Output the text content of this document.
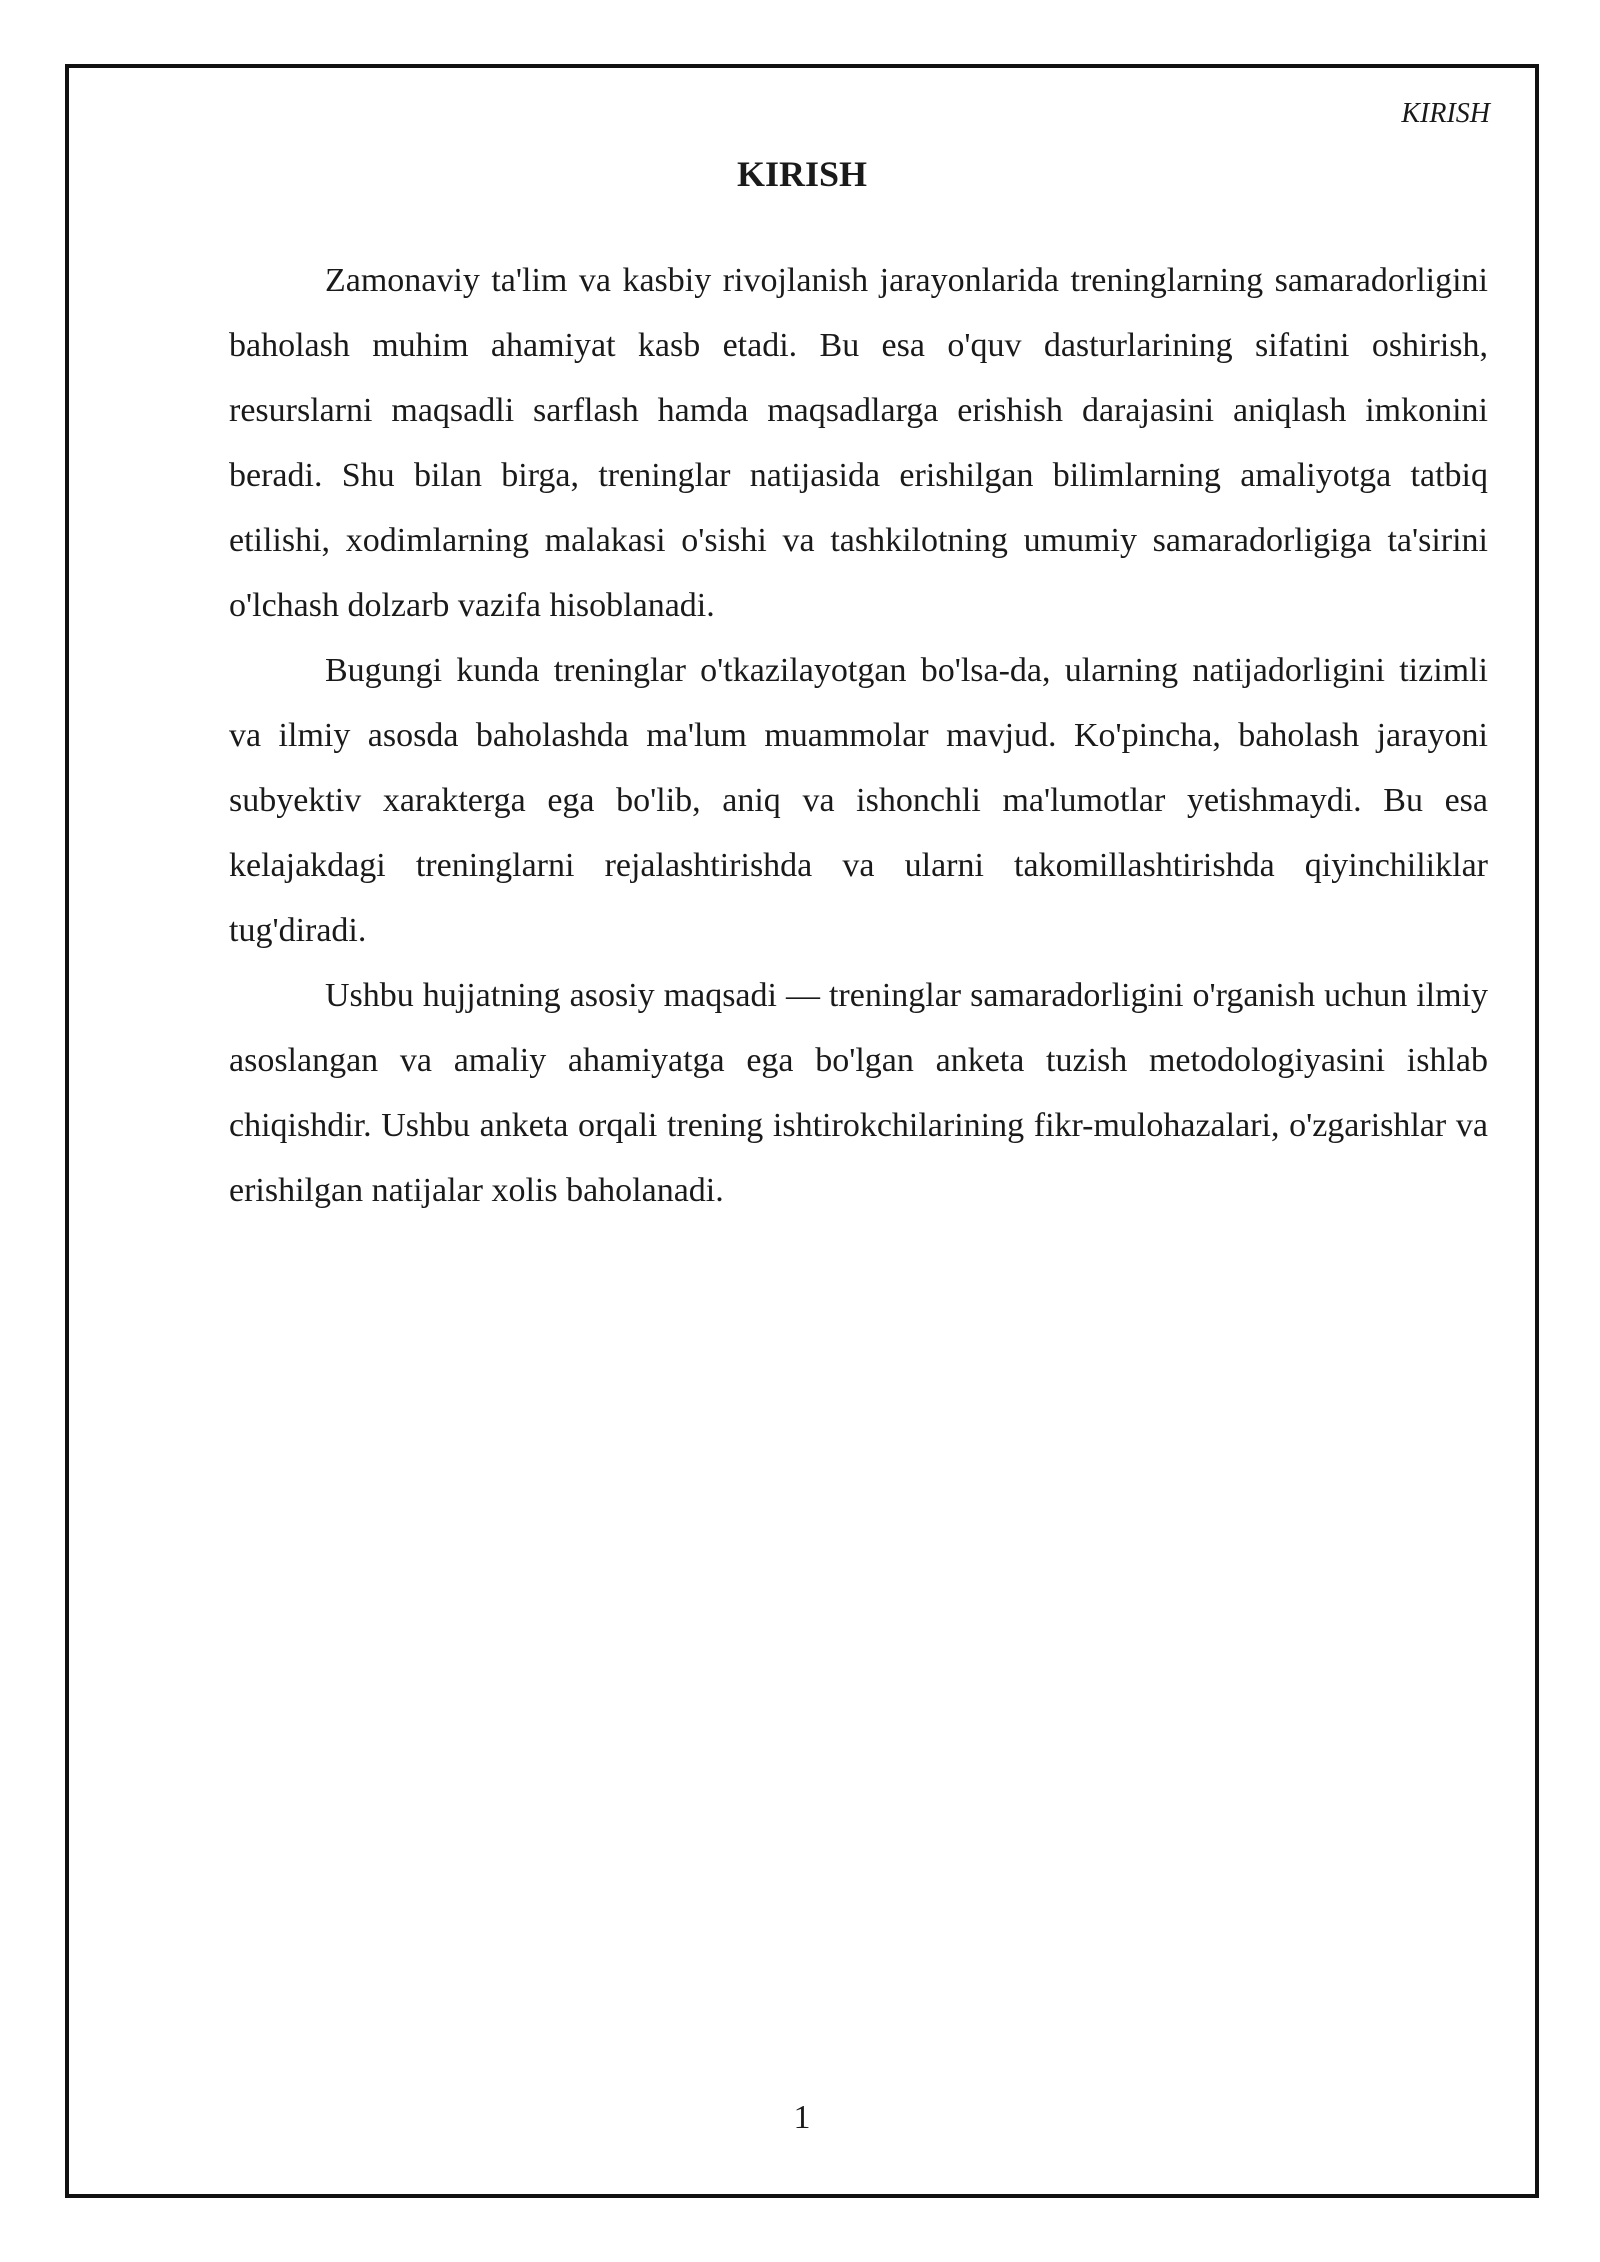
KIRISH
KIRISH

Zamonaviy ta'lim va kasbiy rivojlanish jarayonlarida treninglarning samaradorligini baholash muhim ahamiyat kasb etadi. Bu esa o'quv dasturlarining sifatini oshirish, resurslarni maqsadli sarflash hamda maqsadlarga erishish darajasini aniqlash imkonini beradi. Shu bilan birga, treninglar natijasida erishilgan bilimlarning amaliyotga tatbiq etilishi, xodimlarning malakasi o'sishi va tashkilotning umumiy samaradorligiga ta'sirini o'lchash dolzarb vazifa hisoblanadi.

Bugungi kunda treninglar o'tkazilayotgan bo'lsa-da, ularning natijadorligini tizimli va ilmiy asosda baholashda ma'lum muammolar mavjud. Ko'pincha, baholash jarayoni subyektiv xarakterga ega bo'lib, aniq va ishonchli ma'lumotlar yetishmaydi. Bu esa kelajakdagi treninglarni rejalashtirishda va ularni takomillashtirishda qiyinchiliklar tug'diradi.

Ushbu hujjatning asosiy maqsadi — treninglar samaradorligini o'rganish uchun ilmiy asoslangan va amaliy ahamiyatga ega bo'lgan anketa tuzish metodologiyasini ishlab chiqishdir. Ushbu anketa orqali trening ishtirokchilarining fikr-mulohazalari, o'zgarishlar va erishilgan natijalar xolis baholanadi.

1
